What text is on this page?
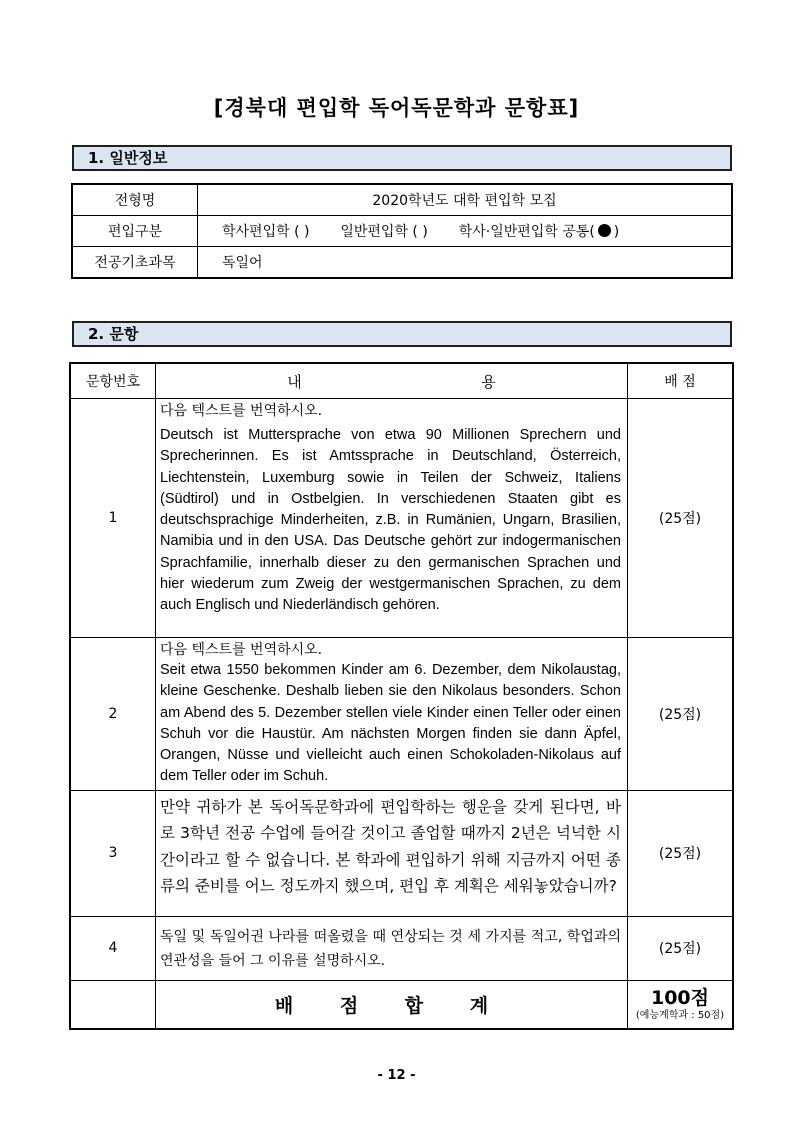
[경북대 편입학 독어독문학과 문항표]
1. 일반정보
전형명	2020학년도 대학 편입학 모집
편입구분	학사편입학 ( ) 일반편입학 ( ) 학사·일반편입학 공통( )
전공기초과목	독일어
2. 문항
문항번호	내 용	배 점
1	다음 텍스트를 번역하시오.
Deutsch ist Muttersprache von etwa 90 Millionen Sprechern und Sprecherinnen. Es ist Amtssprache in Deutschland, Österreich, Liechtenstein, Luxemburg sowie in Teilen der Schweiz, Italiens (Südtirol) und in Ostbelgien. In verschiedenen Staaten gibt es deutschsprachige Minderheiten, z.B. in Rumänien, Ungarn, Brasilien, Namibia und in den USA. Das Deutsche gehört zur indogermanischen Sprachfamilie, innerhalb dieser zu den germanischen Sprachen und hier wiederum zum Zweig der westgermanischen Sprachen, zu dem auch Englisch und Niederländisch gehören.	(25점)
2	다음 텍스트를 번역하시오.
Seit etwa 1550 bekommen Kinder am 6. Dezember, dem Nikolaustag, kleine Geschenke. Deshalb lieben sie den Nikolaus besonders. Schon am Abend des 5. Dezember stellen viele Kinder einen Teller oder einen Schuh vor die Haustür. Am nächsten Morgen finden sie dann Äpfel, Orangen, Nüsse und vielleicht auch einen Schokoladen-Nikolaus auf dem Teller oder im Schuh.	(25점)
3	만약 귀하가 본 독어독문학과에 편입학하는 행운을 갖게 된다면, 바로 3학년 전공 수업에 들어갈 것이고 졸업할 때까지 2년은 넉넉한 시간이라고 할 수 없습니다. 본 학과에 편입하기 위해 지금까지 어떤 종류의 준비를 어느 정도까지 했으며, 편입 후 계획은 세워놓았습니까?	(25점)
4	독일 및 독일어권 나라를 떠올렸을 때 연상되는 것 세 가지를 적고, 학업과의 연관성을 들어 그 이유를 설명하시오.	(25점)
	배 점 합 계	100점
(예능계학과 : 50점)
- 12 -
